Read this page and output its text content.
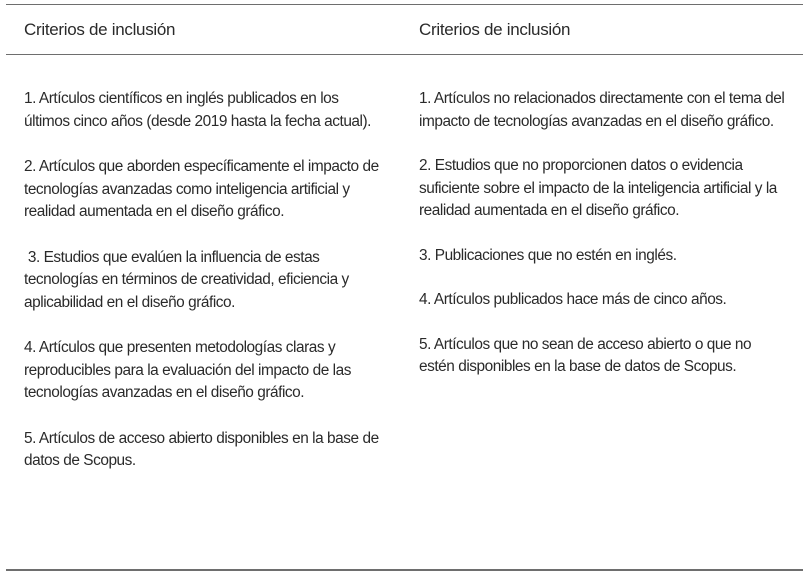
Criterios de inclusión

1. Artículos científicos en inglés publicados en los últimos cinco años (desde 2019 hasta la fecha actual).

2. Artículos que aborden específicamente el impacto de tecnologías avanzadas como inteligencia artificial y realidad aumentada en el diseño gráfico.

3. Estudios que evalúen la influencia de estas tecnologías en términos de creatividad, eficiencia y aplicabilidad en el diseño gráfico.

4. Artículos que presenten metodologías claras y reproducibles para la evaluación del impacto de las tecnologías avanzadas en el diseño gráfico.

5. Artículos de acceso abierto disponibles en la base de datos de Scopus.

Criterios de inclusión

1. Artículos no relacionados directamente con el tema del impacto de tecnologías avanzadas en el diseño gráfico.

2. Estudios que no proporcionen datos o evidencia suficiente sobre el impacto de la inteligencia artificial y la realidad aumentada en el diseño gráfico.

3. Publicaciones que no estén en inglés.

4. Artículos publicados hace más de cinco años.

5. Artículos que no sean de acceso abierto o que no estén disponibles en la base de datos de Scopus.
